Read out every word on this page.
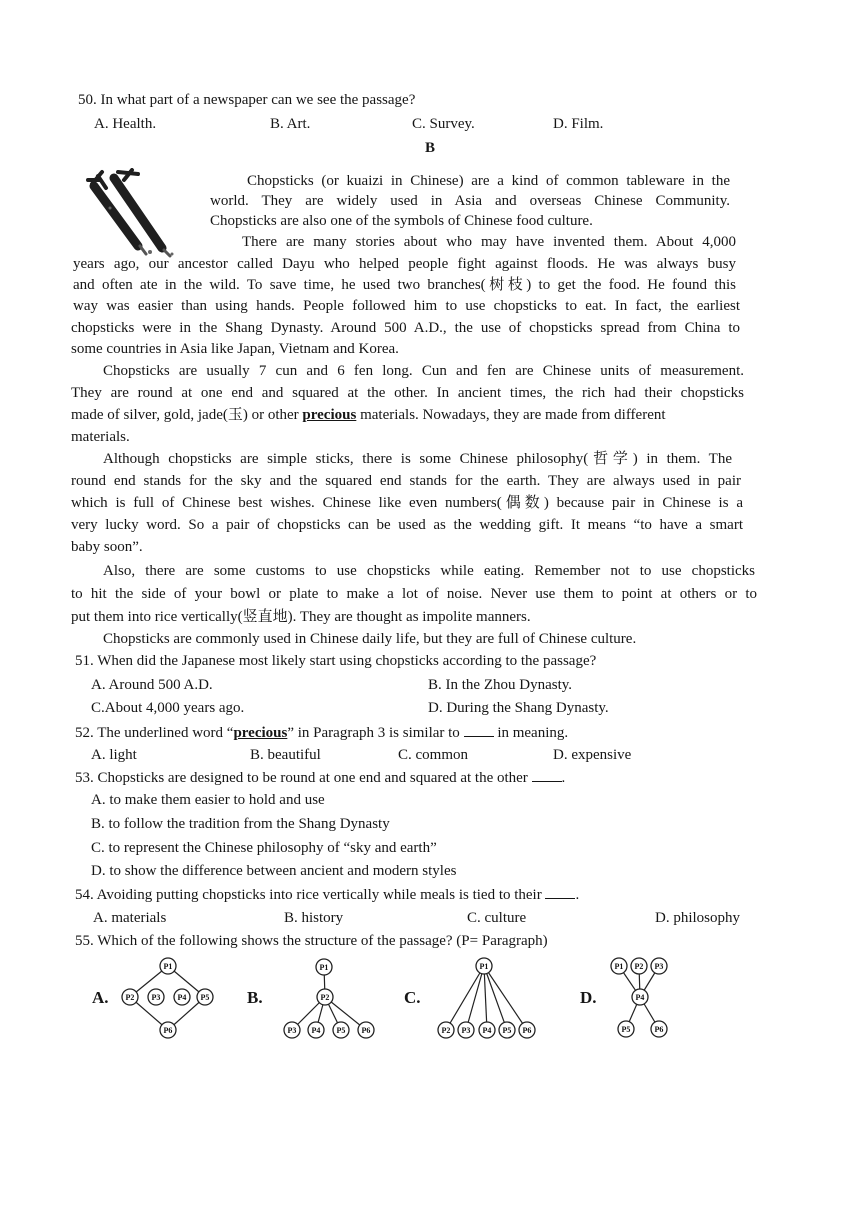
50. In what part of a newspaper can we see the passage?
A. Health.	B. Art.	C. Survey.	D. Film.
B
Chopsticks (or kuaizi in Chinese) are a kind of common tableware in the
world. They are widely used in Asia and overseas Chinese Community.
Chopsticks are also one of the symbols of Chinese food culture.
There are many stories about who may have invented them. About 4,000
years ago, our ancestor called Dayu who helped people fight against floods. He was always busy
and often ate in the wild. To save time, he used two branches(树枝) to get the food. He found this
way was easier than using hands. People followed him to use chopsticks to eat. In fact, the earliest
chopsticks were in the Shang Dynasty. Around 500 A.D., the use of chopsticks spread from China to
some countries in Asia like Japan, Vietnam and Korea.
Chopsticks are usually 7 cun and 6 fen long. Cun and fen are Chinese units of measurement.
They are round at one end and squared at the other. In ancient times, the rich had their chopsticks
made of silver, gold, jade(玉) or other precious materials. Nowadays, they are made from different
materials.
Although chopsticks are simple sticks, there is some Chinese philosophy(哲学) in them. The
round end stands for the sky and the squared end stands for the earth. They are always used in pair
which is full of Chinese best wishes. Chinese like even numbers(偶数) because pair in Chinese is a
very lucky word. So a pair of chopsticks can be used as the wedding gift. It means “to have a smart
baby soon”.
Also, there are some customs to use chopsticks while eating. Remember not to use chopsticks
to hit the side of your bowl or plate to make a lot of noise. Never use them to point at others or to
put them into rice vertically(竖直地). They are thought as impolite manners.
Chopsticks are commonly used in Chinese daily life, but they are full of Chinese culture.
51. When did the Japanese most likely start using chopsticks according to the passage?
A. Around 500 A.D.	B. In the Zhou Dynasty.
C.About 4,000 years ago.	D. During the Shang Dynasty.
52. The underlined word “precious” in Paragraph 3 is similar to	in meaning.
A. light	B. beautiful	C. common	D. expensive
53. Chopsticks are designed to be round at one end and squared at the other .
A. to make them easier to hold and use
B. to follow the tradition from the Shang Dynasty
C. to represent the Chinese philosophy of “sky and earth”
D. to show the difference between ancient and modern styles
54. Avoiding putting chopsticks into rice vertically while meals is tied to their .
A. materials	B. history	C. culture	D. philosophy
55. Which of the following shows the structure of the passage? (P= Paragraph)
A.	B.	C.	D.
P1
P2 P3 P4 P5
P6
P1
P2
P3 P4 P5 P6
P1
P2 P3 P4 P5 P6
P1 P2 P3
P4
P5	P6
